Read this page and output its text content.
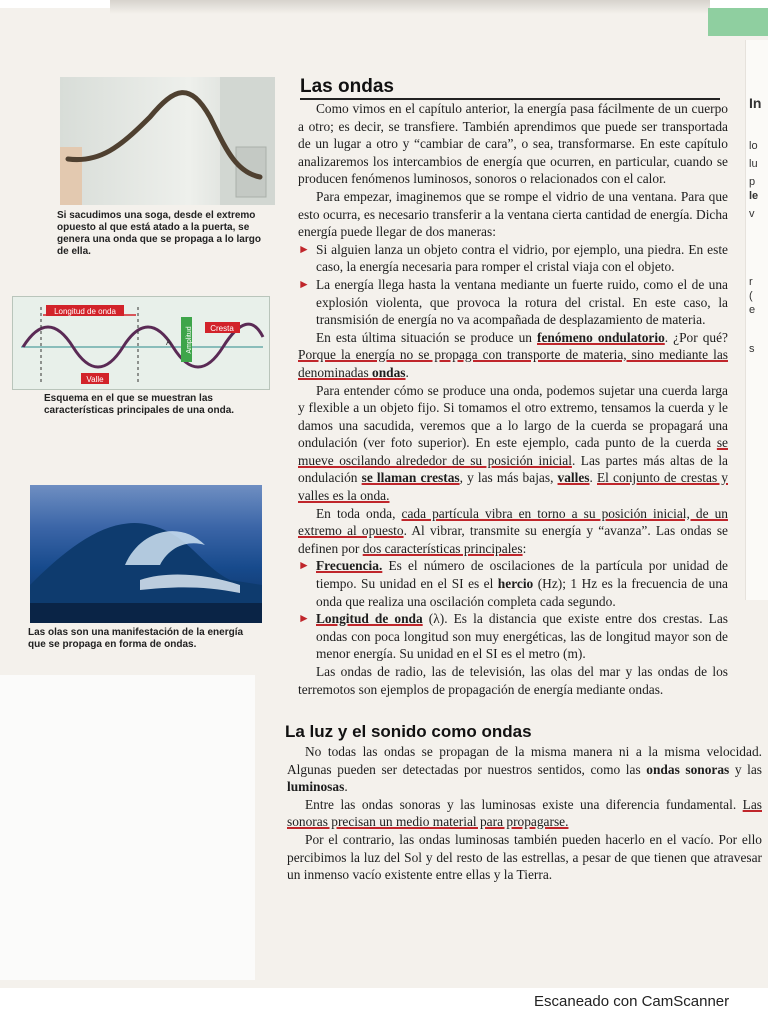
In
lo
lu
p
le
v
r
(
e
s
Si sacudimos una soga, desde el extremo opuesto al que está atado a la puerta, se genera una onda que se propaga a lo largo de ella.
Longitud de onda
Cresta
Amplitud
A
Valle
Esquema en el que se muestran las características principales de una onda.
Las olas son una manifestación de la energía que se propaga en forma de ondas.
Las ondas

Como vimos en el capítulo anterior, la energía pasa fácilmente de un cuerpo a otro; es decir, se transfiere. También aprendimos que puede ser transportada de un lugar a otro y “cambiar de cara”, o sea, transformarse. En este capítulo analizaremos los intercambios de energía que ocurren, en particular, cuando se producen fenómenos luminosos, sonoros o relacionados con el calor.

Para empezar, imaginemos que se rompe el vidrio de una ventana. Para que esto ocurra, es necesario transferir a la ventana cierta cantidad de energía. Dicha energía puede llegar de dos maneras:

► Si alguien lanza un objeto contra el vidrio, por ejemplo, una piedra. En este caso, la energía necesaria para romper el cristal viaja con el objeto.
► La energía llega hasta la ventana mediante un fuerte ruido, como el de una explosión violenta, que provoca la rotura del cristal. En este caso, la transmisión de energía no va acompañada de desplazamiento de materia.

En esta última situación se produce un fenómeno ondulatorio. ¿Por qué? Porque la energía no se propaga con transporte de materia, sino mediante las denominadas ondas.

Para entender cómo se produce una onda, podemos sujetar una cuerda larga y flexible a un objeto fijo. Si tomamos el otro extremo, tensamos la cuerda y le damos una sacudida, veremos que a lo largo de la cuerda se propagará una ondulación (ver foto superior). En este ejemplo, cada punto de la cuerda se mueve oscilando alrededor de su posición inicial. Las partes más altas de la ondulación se llaman crestas, y las más bajas, valles. El conjunto de crestas y valles es la onda.

En toda onda, cada partícula vibra en torno a su posición inicial, de un extremo al opuesto. Al vibrar, transmite su energía y “avanza”. Las ondas se definen por dos características principales:

► Frecuencia. Es el número de oscilaciones de la partícula por unidad de tiempo. Su unidad en el SI es el hercio (Hz); 1 Hz es la frecuencia de una onda que realiza una oscilación completa cada segundo.
► Longitud de onda (λ). Es la distancia que existe entre dos crestas. Las ondas con poca longitud son muy energéticas, las de longitud mayor son de menor energía. Su unidad en el SI es el metro (m).

Las ondas de radio, las de televisión, las olas del mar y las ondas de los terremotos son ejemplos de propagación de energía mediante ondas.

La luz y el sonido como ondas

No todas las ondas se propagan de la misma manera ni a la misma velocidad. Algunas pueden ser detectadas por nuestros sentidos, como las ondas sonoras y las luminosas.

Entre las ondas sonoras y las luminosas existe una diferencia fundamental. Las sonoras precisan un medio material para propagarse.

Por el contrario, las ondas luminosas también pueden hacerlo en el vacío. Por ello percibimos la luz del Sol y del resto de las estrellas, a pesar de que tienen que atravesar un inmenso vacío existente entre ellas y la Tierra.

Escaneado con CamScanner
